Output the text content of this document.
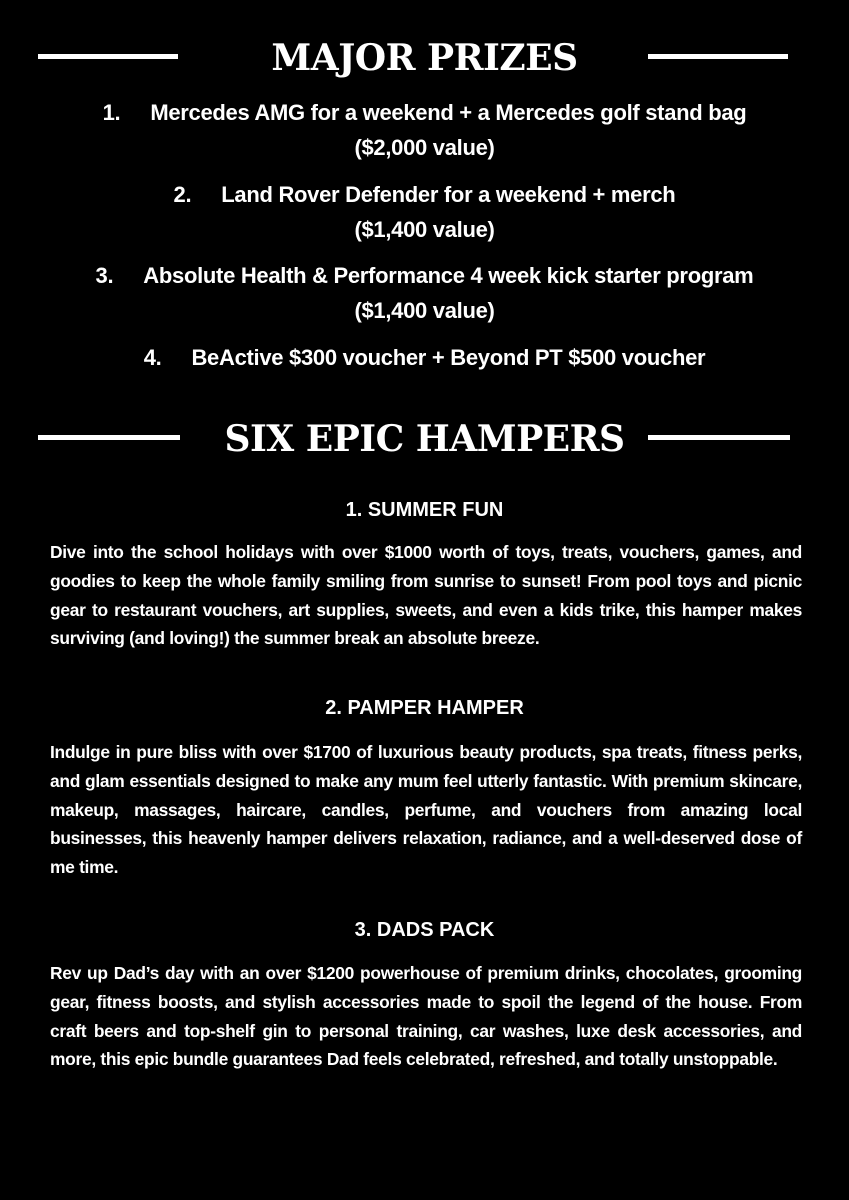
MAJOR PRIZES
1. Mercedes AMG for a weekend + a Mercedes golf stand bag
($2,000 value)
2. Land Rover Defender for a weekend + merch
($1,400 value)
3. Absolute Health & Performance 4 week kick starter program
($1,400 value)
4. BeActive $300 voucher + Beyond PT $500 voucher
SIX EPIC HAMPERS
1. SUMMER FUN
Dive into the school holidays with over $1000 worth of toys, treats, vouchers, games, and goodies to keep the whole family smiling from sunrise to sunset! From pool toys and picnic gear to restaurant vouchers, art supplies, sweets, and even a kids trike, this hamper makes surviving (and loving!) the summer break an absolute breeze.
2. PAMPER HAMPER
Indulge in pure bliss with over $1700 of luxurious beauty products, spa treats, fitness perks, and glam essentials designed to make any mum feel utterly fantastic. With premium skincare, makeup, massages, haircare, candles, perfume, and vouchers from amazing local businesses, this heavenly hamper delivers relaxation, radiance, and a well-deserved dose of me time.
3. DADS PACK
Rev up Dad’s day with an over $1200 powerhouse of premium drinks, chocolates, grooming gear, fitness boosts, and stylish accessories made to spoil the legend of the house. From craft beers and top-shelf gin to personal training, car washes, luxe desk accessories, and more, this epic bundle guarantees Dad feels celebrated, refreshed, and totally unstoppable.
